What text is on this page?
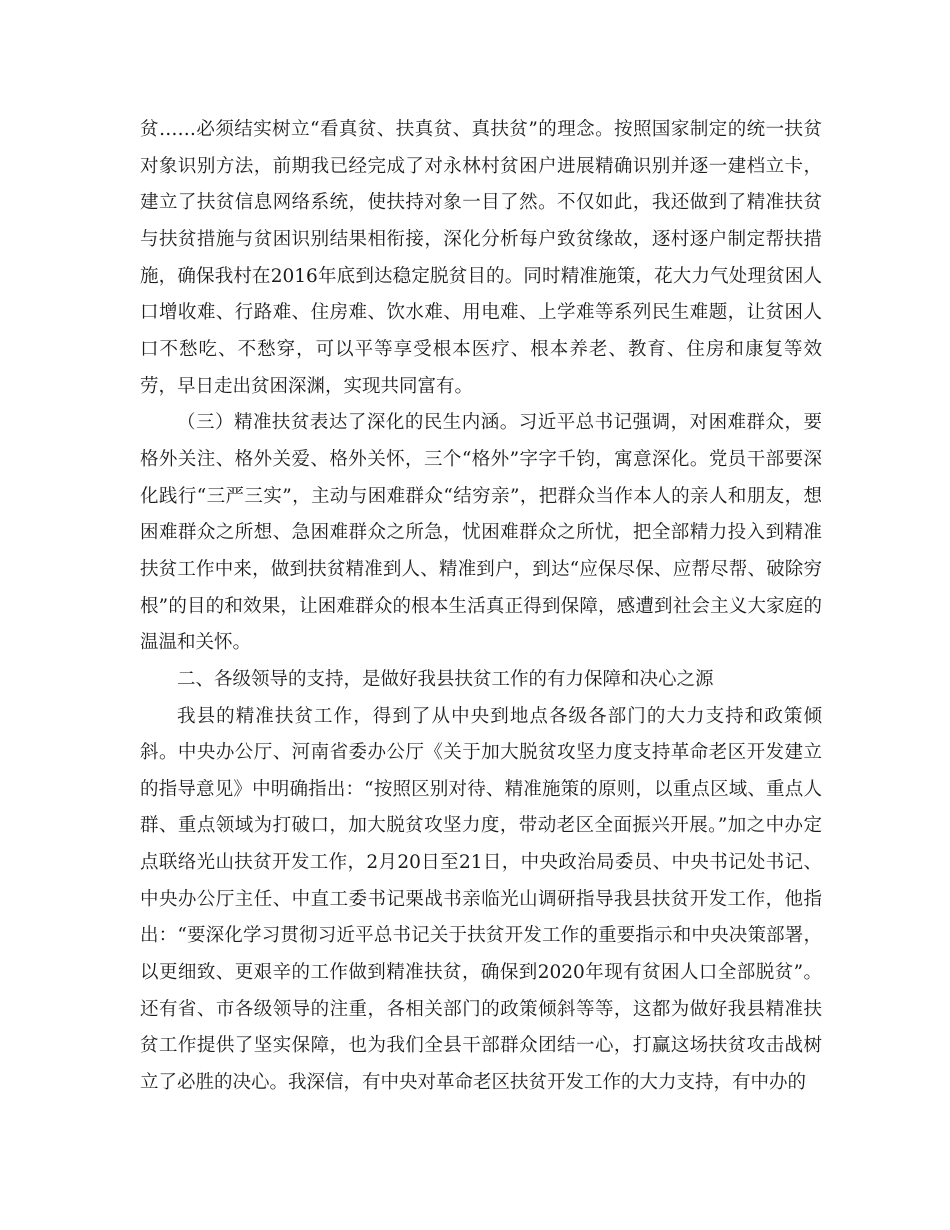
贫……必须结实树立“看真贫、扶真贫、真扶贫”的理念。按照国家制定的统一扶贫对象识别方法，前期我已经完成了对永林村贫困户进展精确识别并逐一建档立卡，建立了扶贫信息网络系统，使扶持对象一目了然。不仅如此，我还做到了精准扶贫与扶贫措施与贫困识别结果相衔接，深化分析每户致贫缘故，逐村逐户制定帮扶措施，确保我村在2016年底到达稳定脱贫目的。同时精准施策，花大力气处理贫困人口增收难、行路难、住房难、饮水难、用电难、上学难等系列民生难题，让贫困人口不愁吃、不愁穿，可以平等享受根本医疗、根本养老、教育、住房和康复等效劳，早日走出贫困深渊，实现共同富有。

（三）精准扶贫表达了深化的民生内涵。习近平总书记强调，对困难群众，要格外关注、格外关爱、格外关怀，三个“格外”字字千钧，寓意深化。党员干部要深化践行“三严三实”，主动与困难群众“结穷亲”，把群众当作本人的亲人和朋友，想困难群众之所想、急困难群众之所急，忧困难群众之所忧，把全部精力投入到精准扶贫工作中来，做到扶贫精准到人、精准到户，到达“应保尽保、应帮尽帮、破除穷根”的目的和效果，让困难群众的根本生活真正得到保障，感遭到社会主义大家庭的温温和关怀。

二、各级领导的支持，是做好我县扶贫工作的有力保障和决心之源

我县的精准扶贫工作，得到了从中央到地点各级各部门的大力支持和政策倾斜。中央办公厅、河南省委办公厅《关于加大脱贫攻坚力度支持革命老区开发建立的指导意见》中明确指出：“按照区别对待、精准施策的原则，以重点区域、重点人群、重点领域为打破口，加大脱贫攻坚力度，带动老区全面振兴开展。”加之中办定点联络光山扶贫开发工作，2月20日至21日，中央政治局委员、中央书记处书记、中央办公厅主任、中直工委书记栗战书亲临光山调研指导我县扶贫开发工作，他指出：“要深化学习贯彻习近平总书记关于扶贫开发工作的重要指示和中央决策部署，以更细致、更艰辛的工作做到精准扶贫，确保到2020年现有贫困人口全部脱贫”。还有省、市各级领导的注重，各相关部门的政策倾斜等等，这都为做好我县精准扶贫工作提供了坚实保障，也为我们全县干部群众团结一心，打赢这场扶贫攻击战树立了必胜的决心。我深信，有中央对革命老区扶贫开发工作的大力支持，有中办的
